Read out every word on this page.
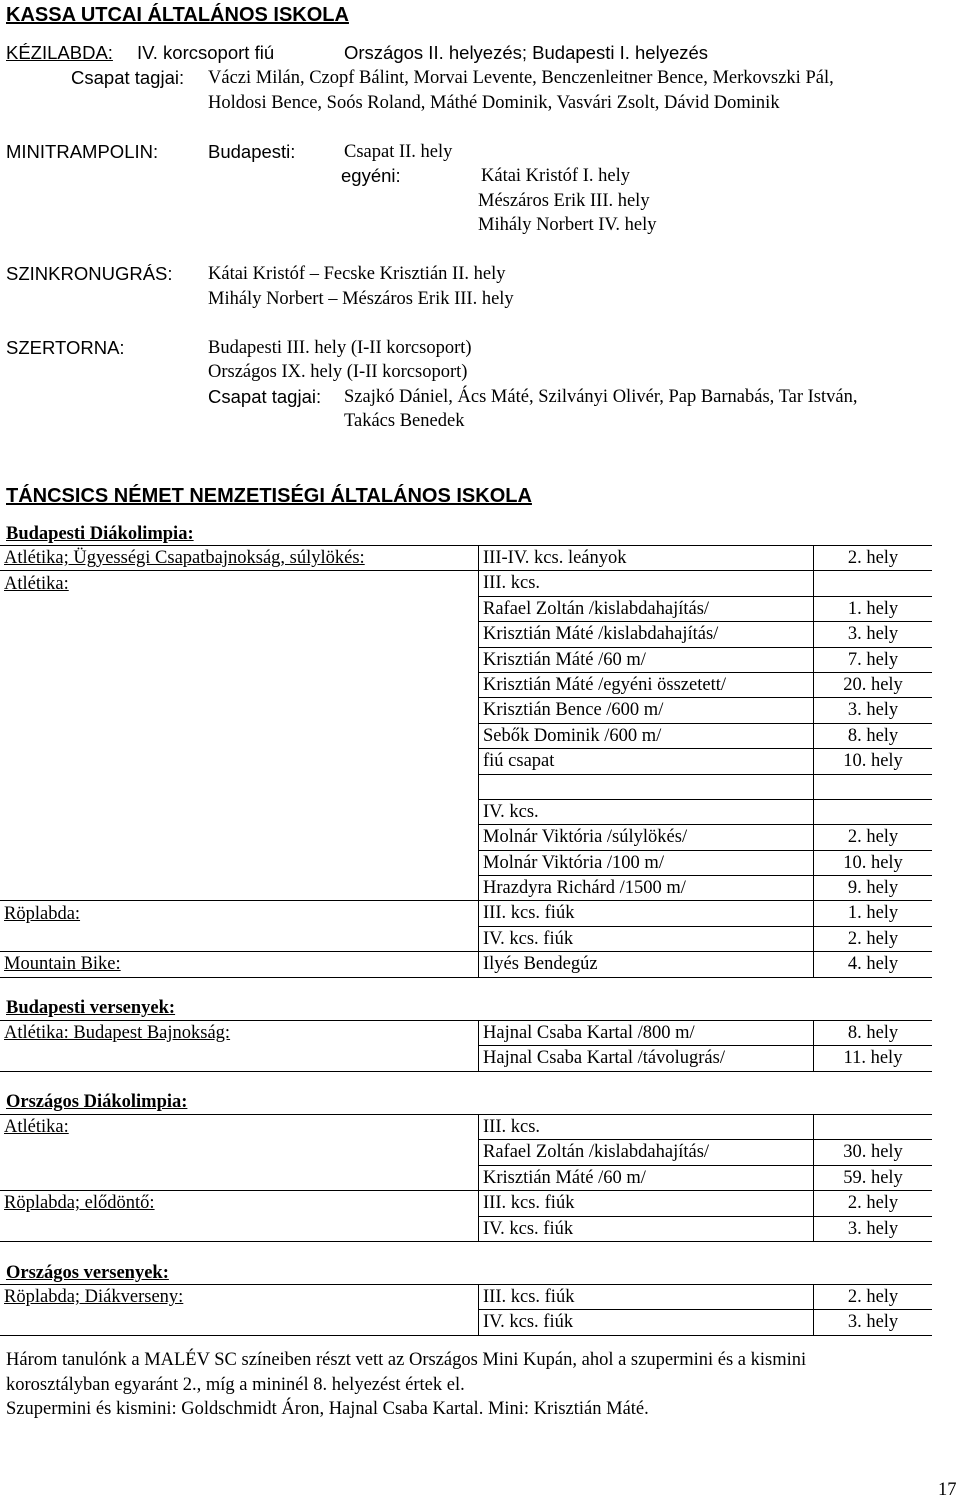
KASSA UTCAI ÁLTALÁNOS ISKOLA
KÉZILABDA: IV. korcsoport fiú	Országos II. helyezés; Budapesti I. helyezés
Csapat tagjai: Váczi Milán, Czopf Bálint, Morvai Levente, Benczenleitner Bence, Merkovszki Pál,
Holdosi Bence, Soós Roland, Máthé Dominik, Vasvári Zsolt, Dávid Dominik
MINITRAMPOLIN:	Budapesti:	Csapat II. hely
egyéni:	Kátai Kristóf I. hely
Mészáros Erik III. hely
Mihály Norbert IV. hely
SZINKRONUGRÁS: Kátai Kristóf – Fecske Krisztián II. hely
Mihály Norbert – Mészáros Erik III. hely
SZERTORNA:	Budapesti III. hely (I-II korcsoport)
Országos IX. hely (I-II korcsoport)
Csapat tagjai: Szajkó Dániel, Ács Máté, Szilványi Olivér, Pap Barnabás, Tar István,
Takács Benedek
TÁNCSICS NÉMET NEMZETISÉGI ÁLTALÁNOS ISKOLA
Budapesti Diákolimpia:
Atlétika; Ügyességi Csapatbajnokság, súlylökés:	III-IV. kcs. leányok	2. hely
Atlétika:	III. kcs.	
	Rafael Zoltán /kislabdahajítás/	1. hely
	Krisztián Máté /kislabdahajítás/	3. hely
	Krisztián Máté /60 m/	7. hely
	Krisztián Máté /egyéni összetett/	20. hely
	Krisztián Bence /600 m/	3. hely
	Sebők Dominik /600 m/	8. hely
	fiú csapat	10. hely

	IV. kcs.	
	Molnár Viktória /súlylökés/	2. hely
	Molnár Viktória /100 m/	10. hely
	Hrazdyra Richárd /1500 m/	9. hely
Röplabda:	III. kcs. fiúk	1. hely
	IV. kcs. fiúk	2. hely
Mountain Bike:	Ilyés Bendegúz	4. hely
Budapesti versenyek:
Atlétika: Budapest Bajnokság:	Hajnal Csaba Kartal /800 m/	8. hely
	Hajnal Csaba Kartal /távolugrás/	11. hely
Országos Diákolimpia:
Atlétika:	III. kcs.	
	Rafael Zoltán /kislabdahajítás/	30. hely
	Krisztián Máté /60 m/	59. hely
Röplabda; elődöntő:	III. kcs. fiúk	2. hely
	IV. kcs. fiúk	3. hely
Országos versenyek:
Röplabda; Diákverseny:	III. kcs. fiúk	2. hely
	IV. kcs. fiúk	3. hely
Három tanulónk a MALÉV SC színeiben részt vett az Országos Mini Kupán, ahol a szupermini és a kismini
korosztályban egyaránt 2., míg a mininél 8. helyezést értek el.
Szupermini és kismini: Goldschmidt Áron, Hajnal Csaba Kartal. Mini: Krisztián Máté.
17
